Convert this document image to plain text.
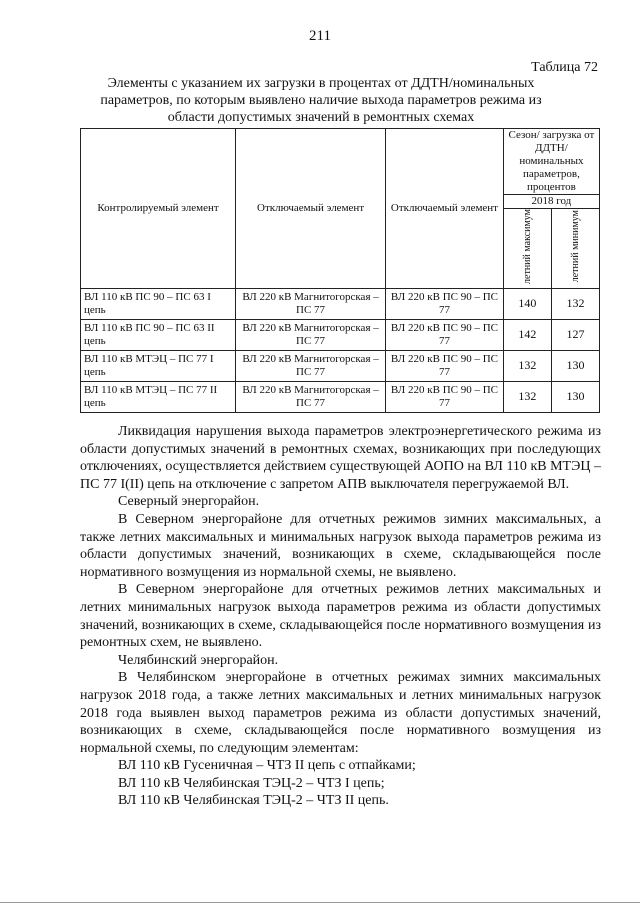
211
Таблица 72
Элементы с указанием их загрузки в процентах от ДДТН/номинальных параметров, по которым выявлено наличие выхода параметров режима из области допустимых значений в ремонтных схемах
Контролируемый элемент	Отключаемый элемент	Отключаемый элемент	Сезон/ загрузка от ДДТН/ номинальных параметров, процентов	
			2018 год	
			летний максимум	летний минимум
ВЛ 110 кВ ПС 90 – ПС 63 I цепь	ВЛ 220 кВ Магнитогорская – ПС 77	ВЛ 220 кВ ПС 90 – ПС 77	140	132
ВЛ 110 кВ ПС 90 – ПС 63 II цепь	ВЛ 220 кВ Магнитогорская – ПС 77	ВЛ 220 кВ ПС 90 – ПС 77	142	127
ВЛ 110 кВ МТЭЦ – ПС 77 I цепь	ВЛ 220 кВ Магнитогорская – ПС 77	ВЛ 220 кВ ПС 90 – ПС 77	132	130
ВЛ 110 кВ МТЭЦ – ПС 77 II цепь	ВЛ 220 кВ Магнитогорская – ПС 77	ВЛ 220 кВ ПС 90 – ПС 77	132	130

Ликвидация нарушения выхода параметров электроэнергетического режима из области допустимых значений в ремонтных схемах, возникающих при последующих отключениях, осуществляется действием существующей АОПО на ВЛ 110 кВ МТЭЦ – ПС 77 I(II) цепь на отключение с запретом АПВ выключателя перегружаемой ВЛ.

Северный энергорайон.

В Северном энергорайоне для отчетных режимов зимних максимальных, а также летних максимальных и минимальных нагрузок выхода параметров режима из области допустимых значений, возникающих в схеме, складывающейся после нормативного возмущения из нормальной схемы, не выявлено.

В Северном энергорайоне для отчетных режимов летних максимальных и летних минимальных нагрузок выхода параметров режима из области допустимых значений, возникающих в схеме, складывающейся после нормативного возмущения из ремонтных схем, не выявлено.

Челябинский энергорайон.

В Челябинском энергорайоне в отчетных режимах зимних максимальных нагрузок 2018 года, а также летних максимальных и летних минимальных нагрузок 2018 года выявлен выход параметров режима из области допустимых значений, возникающих в схеме, складывающейся после нормативного возмущения из нормальной схемы, по следующим элементам:

ВЛ 110 кВ Гусеничная – ЧТЗ II цепь с отпайками;

ВЛ 110 кВ Челябинская ТЭЦ-2 – ЧТЗ I цепь;

ВЛ 110 кВ Челябинская ТЭЦ-2 – ЧТЗ II цепь.
